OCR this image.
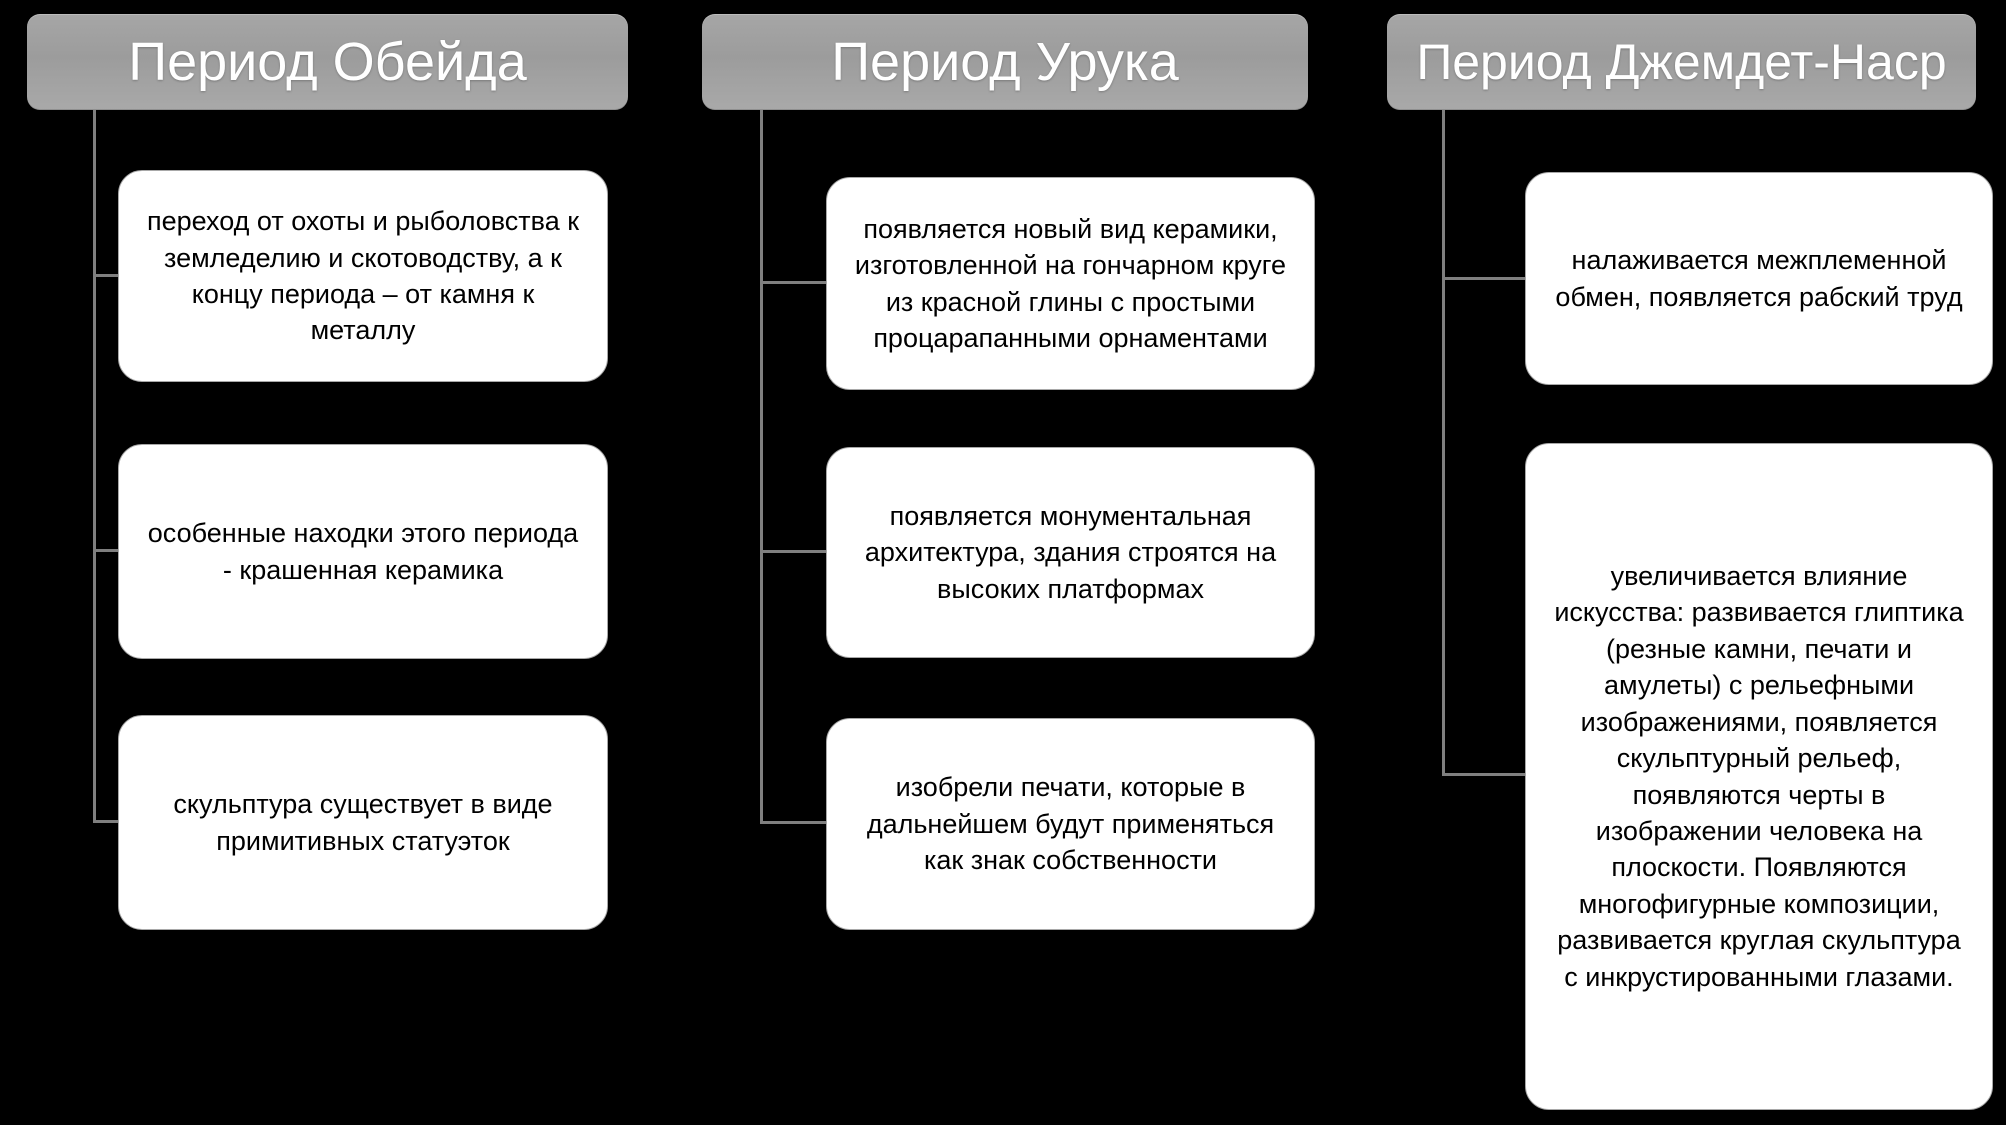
Период Обейда
переход от охоты и рыболовства к земледелию и скотоводству, а к концу периода – от камня к металлу
особенные находки этого периода - крашенная керамика
скульптура существует в виде примитивных статуэток
Период Урука
появляется новый вид керамики, изготовленной на гончарном круге из красной глины с простыми процарапанными орнаментами
появляется монументальная архитектура, здания строятся на высоких платформах
изобрели печати, которые в дальнейшем будут применяться как знак собственности
Период Джемдет-Наср
налаживается межплеменной обмен, появляется рабский труд
увеличивается влияние искусства: развивается глиптика (резные камни, печати и амулеты) с рельефными изображениями, появляется скульптурный рельеф, появляются черты в изображении человека на плоскости. Появляются многофигурные композиции, развивается круглая скульптура с инкрустированными глазами.
